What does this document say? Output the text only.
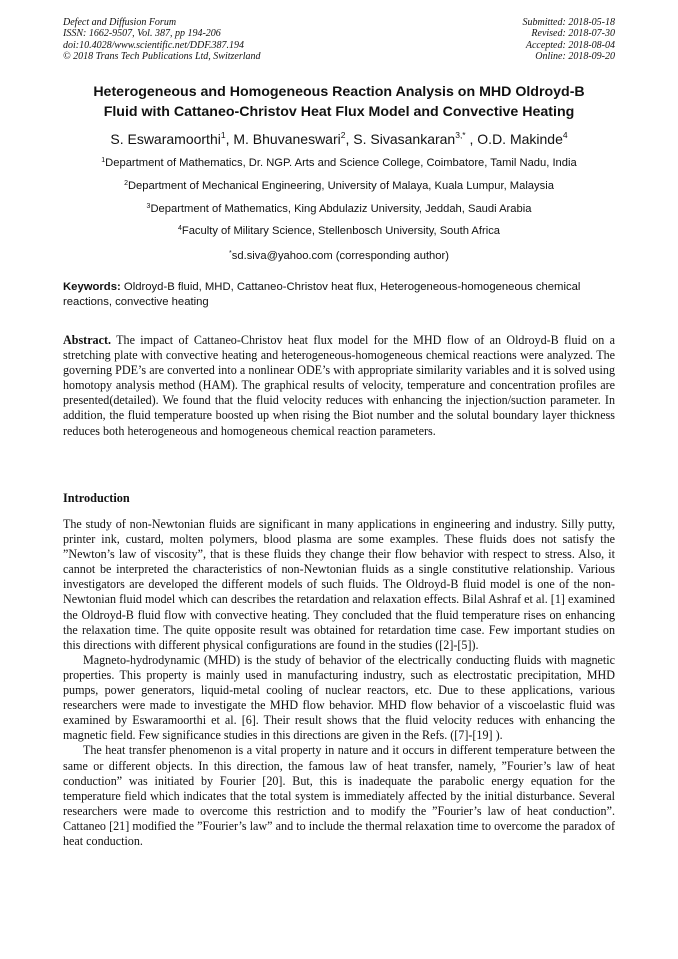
Defect and Diffusion Forum
ISSN: 1662-9507, Vol. 387, pp 194-206
doi:10.4028/www.scientific.net/DDF.387.194
© 2018 Trans Tech Publications Ltd, Switzerland
Submitted: 2018-05-18
Revised: 2018-07-30
Accepted: 2018-08-04
Online: 2018-09-20
Heterogeneous and Homogeneous Reaction Analysis on MHD Oldroyd-B
Fluid with Cattaneo-Christov Heat Flux Model and Convective Heating
S. Eswaramoorthi$^1$, M. Bhuvaneswari$^2$, S. Sivasankaran$^{3,*}$ , O.D. Makinde$^4$
$^1$Department of Mathematics, Dr. NGP. Arts and Science College, Coimbatore, Tamil Nadu, India
$^2$Department of Mechanical Engineering, University of Malaya, Kuala Lumpur, Malaysia
$^3$Department of Mathematics, King Abdulaziz University, Jeddah, Saudi Arabia
$^4$Faculty of Military Science, Stellenbosch University, South Africa
*sd.siva@yahoo.com (corresponding author)
Keywords: Oldroyd-B fluid, MHD, Cattaneo-Christov heat flux, Heterogeneous-homogeneous chemical reactions, convective heating
Abstract. The impact of Cattaneo-Christov heat flux model for the MHD flow of an Oldroyd-B fluid on a stretching plate with convective heating and heterogeneous-homogeneous chemical reactions were analyzed. The governing PDE’s are converted into a nonlinear ODE’s with appropriate similarity variables and it is solved using homotopy analysis method (HAM). The graphical results of velocity, temperature and concentration profiles are presented(detailed). We found that the fluid velocity reduces with enhancing the injection/suction parameter. In addition, the fluid temperature boosted up when rising the Biot number and the solutal boundary layer thickness reduces both heterogeneous and homogeneous chemical reaction parameters.
Introduction
The study of non-Newtonian fluids are significant in many applications in engineering and industry. Silly putty, printer ink, custard, molten polymers, blood plasma are some examples. These fluids does not satisfy the ”Newton’s law of viscosity”, that is these fluids they change their flow behavior with respect to stress. Also, it cannot be interpreted the characteristics of non-Newtonian fluids as a single constitutive relationship. Various investigators are developed the different models of such fluids. The Oldroyd-B fluid model is one of the non-Newtonian fluid model which can describes the retardation and relaxation effects. Bilal Ashraf et al. [1] examined the Oldroyd-B fluid flow with convective heating. They concluded that the fluid temperature rises on enhancing the relaxation time. The quite opposite result was obtained for retardation time case. Few important studies on this directions with different physical configurations are found in the studies ([2]-[5]).
Magneto-hydrodynamic (MHD) is the study of behavior of the electrically conducting fluids with magnetic properties. This property is mainly used in manufacturing industry, such as electrostatic precipitation, MHD pumps, power generators, liquid-metal cooling of nuclear reactors, etc. Due to these applications, various researchers were made to investigate the MHD flow behavior. MHD flow behavior of a viscoelastic fluid was examined by Eswaramoorthi et al. [6]. Their result shows that the fluid velocity reduces with enhancing the magnetic field. Few significance studies in this directions are given in the Refs. ([7]-[19] ).
The heat transfer phenomenon is a vital property in nature and it occurs in different temperature between the same or different objects. In this direction, the famous law of heat transfer, namely, ”Fourier’s law of heat conduction” was initiated by Fourier [20]. But, this is inadequate the parabolic energy equation for the temperature field which indicates that the total system is immediately affected by the initial disturbance. Several researchers were made to overcome this restriction and to modify the ”Fourier’s law of heat conduction”. Cattaneo [21] modified the ”Fourier’s law” and to include the thermal relaxation time to overcome the paradox of heat conduction.
